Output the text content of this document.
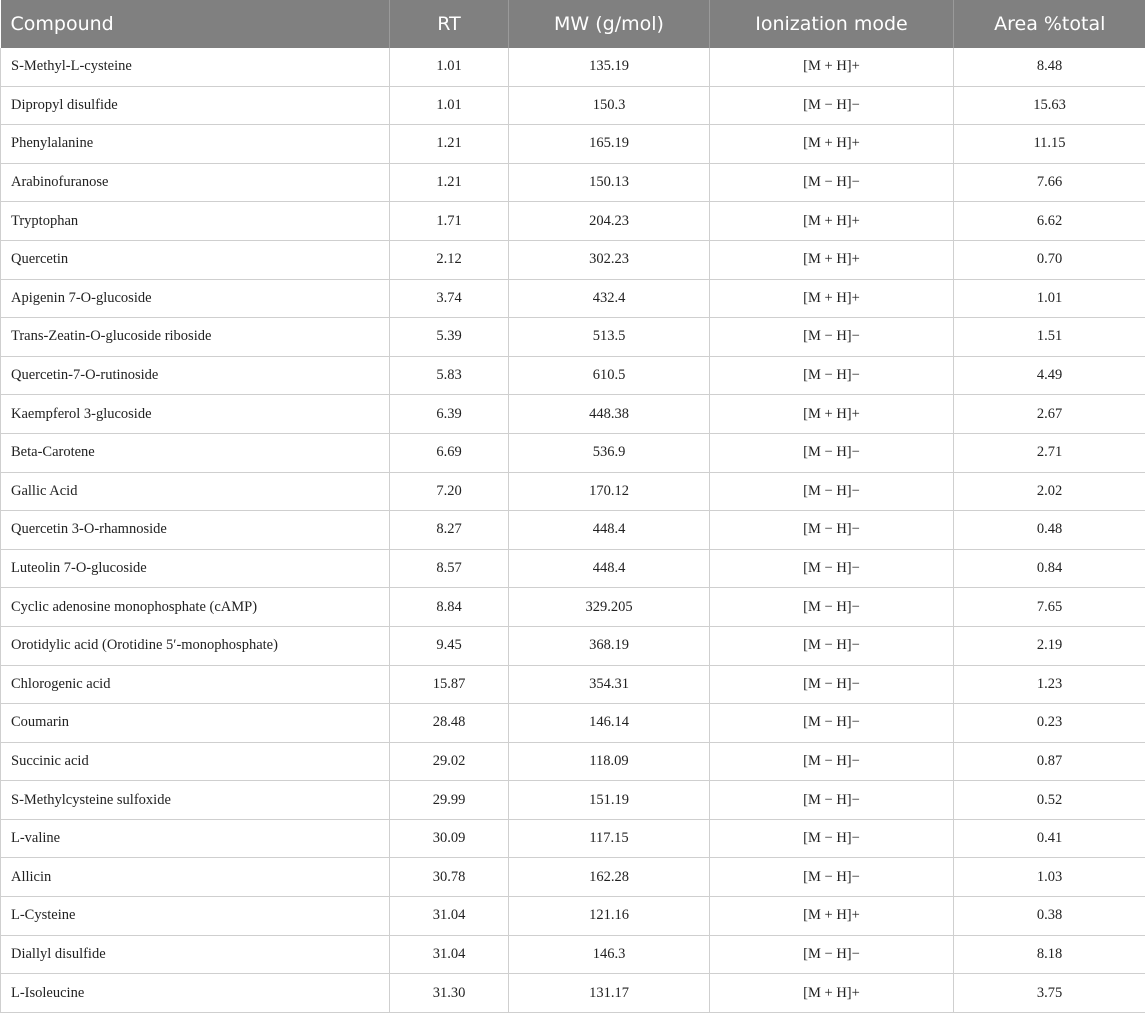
Compound	RT	MW (g/mol)	Ionization mode	Area %total
S-Methyl-L-cysteine	1.01	135.19	[M + H]+	8.48
Dipropyl disulfide	1.01	150.3	[M − H]−	15.63
Phenylalanine	1.21	165.19	[M + H]+	11.15
Arabinofuranose	1.21	150.13	[M − H]−	7.66
Tryptophan	1.71	204.23	[M + H]+	6.62
Quercetin	2.12	302.23	[M + H]+	0.70
Apigenin 7-O-glucoside	3.74	432.4	[M + H]+	1.01
Trans-Zeatin-O-glucoside riboside	5.39	513.5	[M − H]−	1.51
Quercetin-7-O-rutinoside	5.83	610.5	[M − H]−	4.49
Kaempferol 3-glucoside	6.39	448.38	[M + H]+	2.67
Beta-Carotene	6.69	536.9	[M − H]−	2.71
Gallic Acid	7.20	170.12	[M − H]−	2.02
Quercetin 3-O-rhamnoside	8.27	448.4	[M − H]−	0.48
Luteolin 7-O-glucoside	8.57	448.4	[M − H]−	0.84
Cyclic adenosine monophosphate (cAMP)	8.84	329.205	[M − H]−	7.65
Orotidylic acid (Orotidine 5′-monophosphate)	9.45	368.19	[M − H]−	2.19
Chlorogenic acid	15.87	354.31	[M − H]−	1.23
Coumarin	28.48	146.14	[M − H]−	0.23
Succinic acid	29.02	118.09	[M − H]−	0.87
S-Methylcysteine sulfoxide	29.99	151.19	[M − H]−	0.52
L-valine	30.09	117.15	[M − H]−	0.41
Allicin	30.78	162.28	[M − H]−	1.03
L-Cysteine	31.04	121.16	[M + H]+	0.38
Diallyl disulfide	31.04	146.3	[M − H]−	8.18
L-Isoleucine	31.30	131.17	[M + H]+	3.75
